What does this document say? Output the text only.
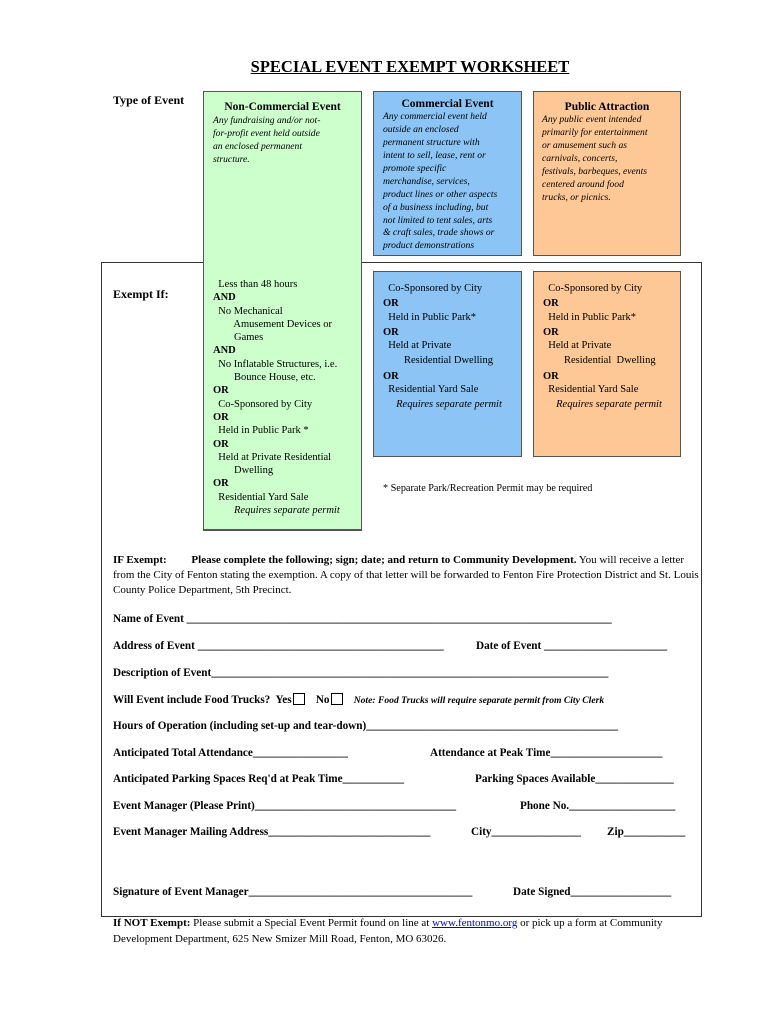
SPECIAL EVENT EXEMPT WORKSHEET
Type of Event	Non-Commercial Event
Any fundraising and/or not-
for-profit event held outside
an enclosed permanent
structure.
Commercial Event
Any commercial event held
outside an enclosed
permanent structure with
intent to sell, lease, rent or
promote specific
merchandise, services,
product lines or other aspects
of a business including, but
not limited to tent sales, arts
& craft sales, trade shows or
product demonstrations
Public Attraction
Any public event intended
primarily for entertainment
or amusement such as
carnivals, concerts,
festivals, barbeques, events
centered around food
trucks, or picnics.
Exempt If:
Less than 48 hours
AND
No Mechanical
Amusement Devices or
Games
AND
No Inflatable Structures, i.e.
Bounce House, etc.
OR
Co-Sponsored by City
OR
Held in Public Park *
OR
Held at Private Residential
Dwelling
OR
Residential Yard Sale
Requires separate permit
Co-Sponsored by City
OR
Held in Public Park*
OR
Held at Private
Residential Dwelling
OR
Residential Yard Sale
Requires separate permit
Co-Sponsored by City
OR
Held in Public Park*
OR
Held at Private
Residential  Dwelling
OR
Residential Yard Sale
Requires separate permit
* Separate Park/Recreation Permit may be required
IF Exempt: Please complete the following; sign; date; and return to Community Development. You will receive a letter from the City of Fenton stating the exemption. A copy of that letter will be forwarded to Fenton Fire Protection District and St. Louis County Police Department, 5th Precinct.
Name of Event ____________________________________________________________________________
Address of Event ____________________________________________	Date of Event ______________________
Description of Event_______________________________________________________________________
Will Event include Food Trucks? Yes No	Note: Food Trucks will require separate permit from City Clerk
Hours of Operation (including set-up and tear-down)_____________________________________________
Anticipated Total Attendance_________________	Attendance at Peak Time____________________
Anticipated Parking Spaces Req'd at Peak Time___________	Parking Spaces Available______________
Event Manager (Please Print)____________________________________	Phone No.___________________
Event Manager Mailing Address_____________________________	City________________ Zip___________
Signature of Event Manager________________________________________	Date Signed__________________
If NOT Exempt: Please submit a Special Event Permit found on line at www.fentonmo.org or pick up a form at Community Development Department, 625 New Smizer Mill Road, Fenton, MO 63026.
